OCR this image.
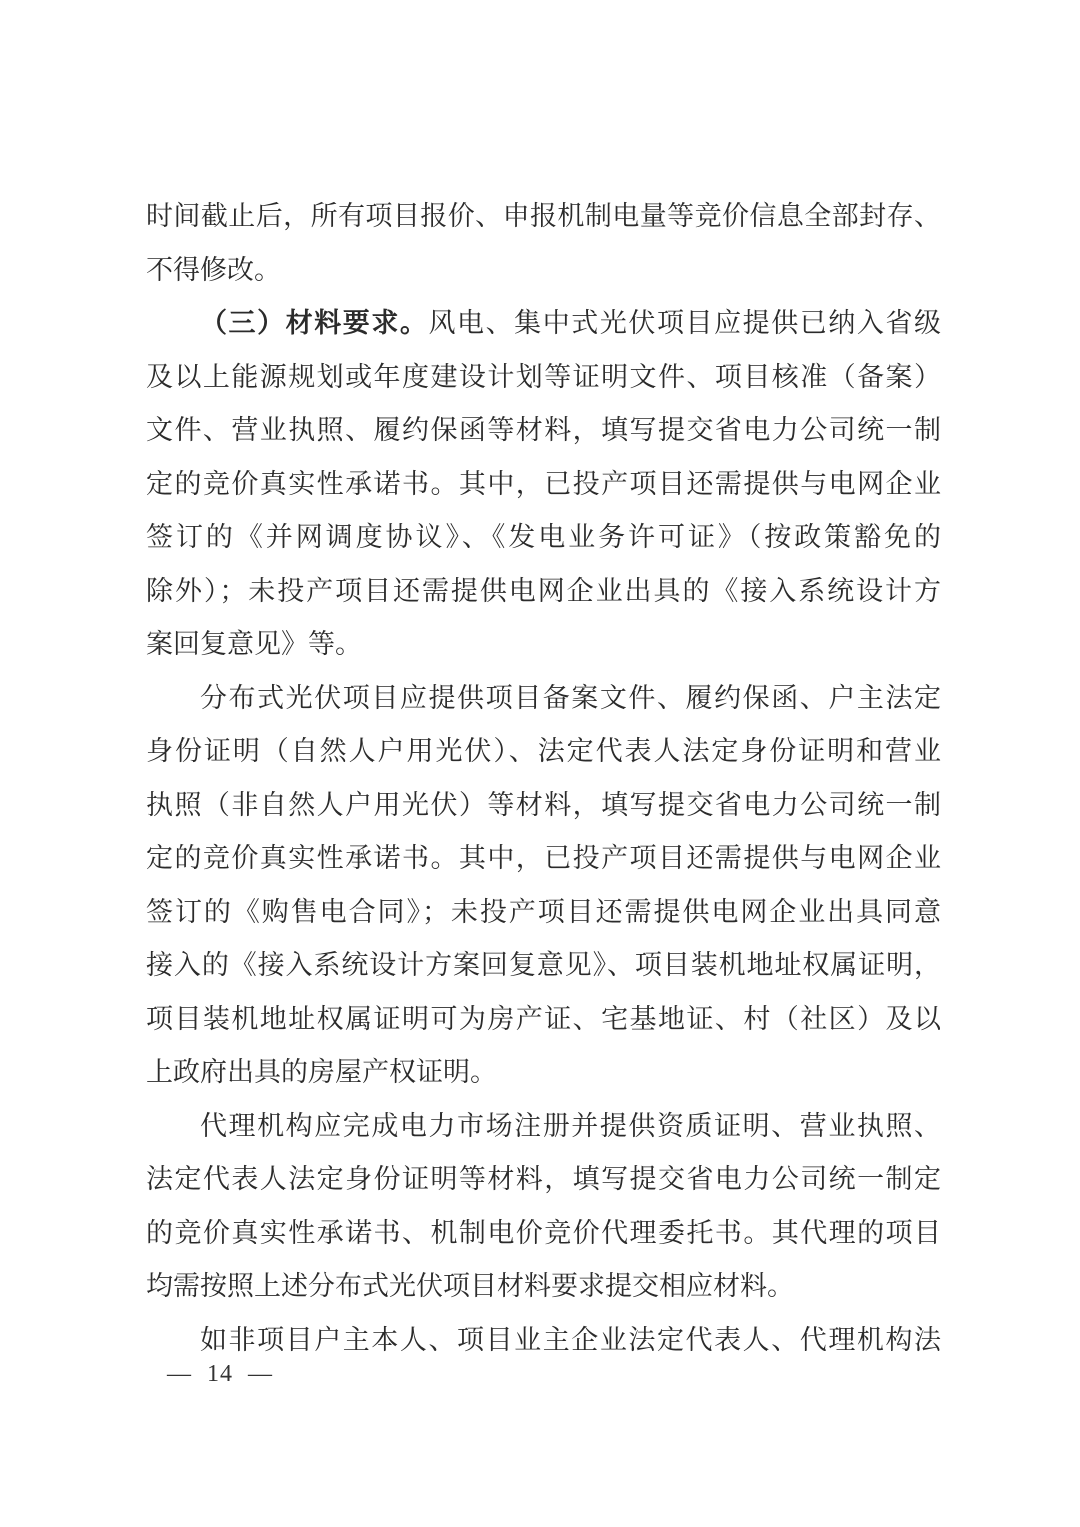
时间截止后，所有项目报价、申报机制电量等竞价信息全部封存、
不得修改。
（三）材料要求。风电、集中式光伏项目应提供已纳入省级
及以上能源规划或年度建设计划等证明文件、项目核准（备案）
文件、营业执照、履约保函等材料，填写提交省电力公司统一制
定的竞价真实性承诺书。其中，已投产项目还需提供与电网企业
签订的《并网调度协议》、《发电业务许可证》（按政策豁免的
除外）；未投产项目还需提供电网企业出具的《接入系统设计方
案回复意见》等。
分布式光伏项目应提供项目备案文件、履约保函、户主法定
身份证明（自然人户用光伏）、法定代表人法定身份证明和营业
执照（非自然人户用光伏）等材料，填写提交省电力公司统一制
定的竞价真实性承诺书。其中，已投产项目还需提供与电网企业
签订的《购售电合同》；未投产项目还需提供电网企业出具同意
接入的《接入系统设计方案回复意见》、项目装机地址权属证明，
项目装机地址权属证明可为房产证、宅基地证、村（社区）及以
上政府出具的房屋产权证明。
代理机构应完成电力市场注册并提供资质证明、营业执照、
法定代表人法定身份证明等材料，填写提交省电力公司统一制定
的竞价真实性承诺书、机制电价竞价代理委托书。其代理的项目
均需按照上述分布式光伏项目材料要求提交相应材料。
如非项目户主本人、项目业主企业法定代表人、代理机构法
— 14 —
